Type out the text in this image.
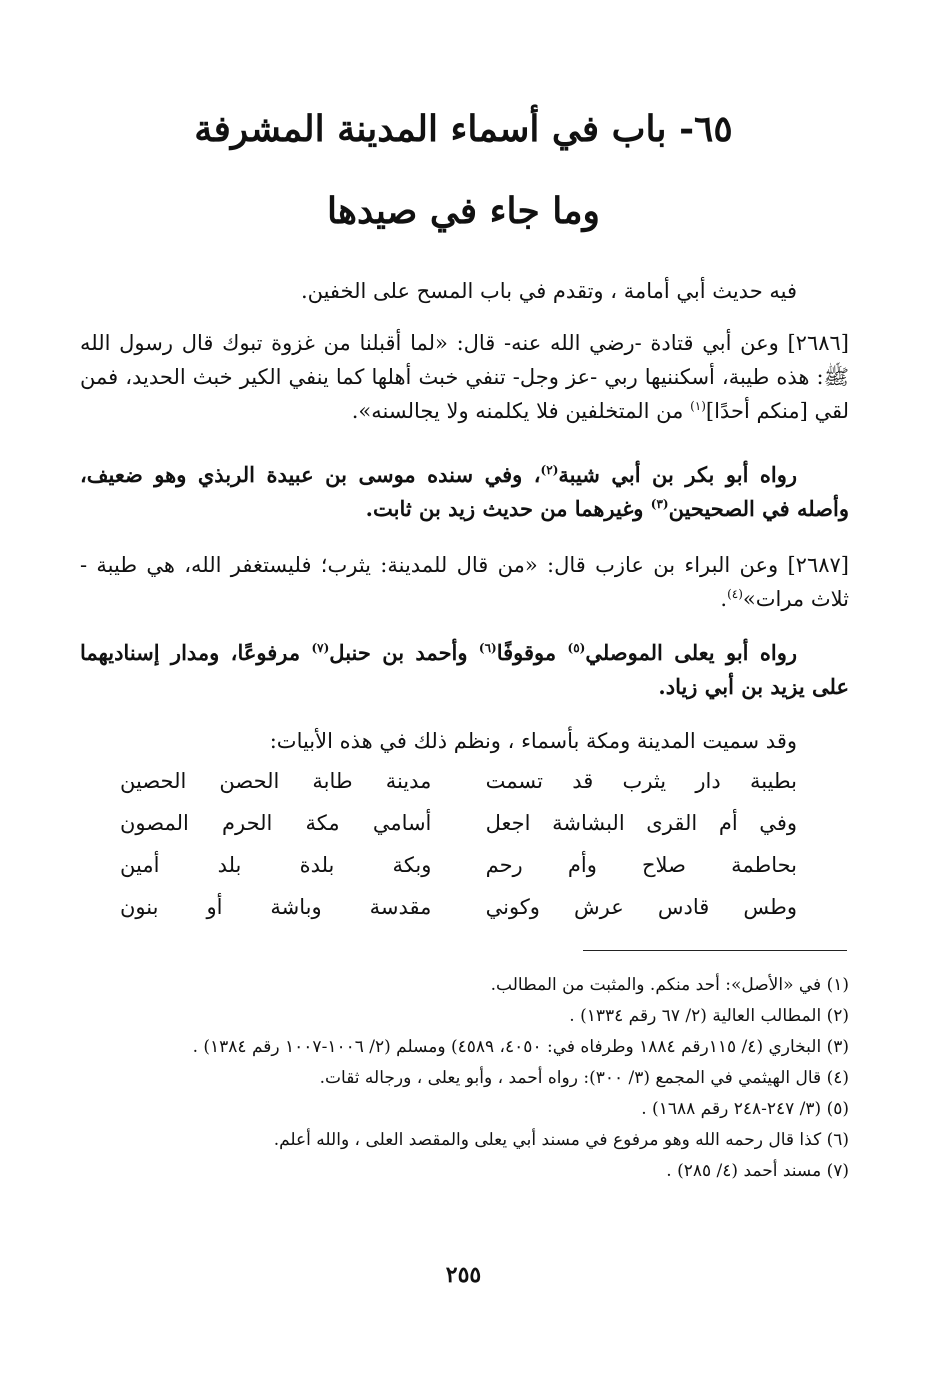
٦٥- باب في أسماء المدينة المشرفة
وما جاء في صيدها
فيه حديث أبي أمامة ، وتقدم في باب المسح على الخفين.
[٢٦٨٦] وعن أبي قتادة -رضي الله عنه- قال: «لما أقبلنا من غزوة تبوك قال رسول الله ﷺ: هذه طيبة، أسكننيها ربي -عز وجل- تنفي خبث أهلها كما ينفي الكير خبث الحديد، فمن لقي [منكم أحدًا]$^{(١)}$ من المتخلفين فلا يكلمنه ولا يجالسنه».
رواه أبو بكر بن أبي شيبة$^{(٢)}$، وفي سنده موسى بن عبيدة الربذي وهو ضعيف، وأصله في الصحيحين$^{(٣)}$ وغيرهما من حديث زيد بن ثابت.
[٢٦٨٧] وعن البراء بن عازب قال: «من قال للمدينة: يثرب؛ فليستغفر الله، هي طيبة - ثلاث مرات»$^{(٤)}$.
رواه أبو يعلى الموصلي$^{(٥)}$ موقوفًا$^{(٦)}$ وأحمد بن حنبل$^{(٧)}$ مرفوعًا، ومدار إسناديهما على يزيد بن أبي زياد.
وقد سميت المدينة ومكة بأسماء ، ونظم ذلك في هذه الأبيات:
بطيبة دار يثرب قد تسمت
مدينة طابة الحصن الحصين
وفي أم القرى البشاشة اجعل
أسامي مكة الحرم المصون
بحاطمة صلاح وأم رحم
وبكة بلدة بلد أمين
وطس قادس عرش وكوني
مقدسة وباشة أو بنون

(١) في «الأصل»: أحد منكم. والمثبت من المطالب.

(٢) المطالب العالية (٢/ ٦٧ رقم ١٣٣٤) .

(٣) البخاري (٤/ ١١٥رقم ١٨٨٤ وطرفاه في: ٤٠٥٠، ٤٥٨٩) ومسلم (٢/ ١٠٠٦-١٠٠٧ رقم ١٣٨٤) .

(٤) قال الهيثمي في المجمع (٣/ ٣٠٠): رواه أحمد ، وأبو يعلى ، ورجاله ثقات.

(٥) (٣/ ٢٤٧-٢٤٨ رقم ١٦٨٨) .

(٦) كذا قال رحمه الله وهو مرفوع في مسند أبي يعلى والمقصد العلى ، والله أعلم.

(٧) مسند أحمد (٤/ ٢٨٥) .

٢٥٥
